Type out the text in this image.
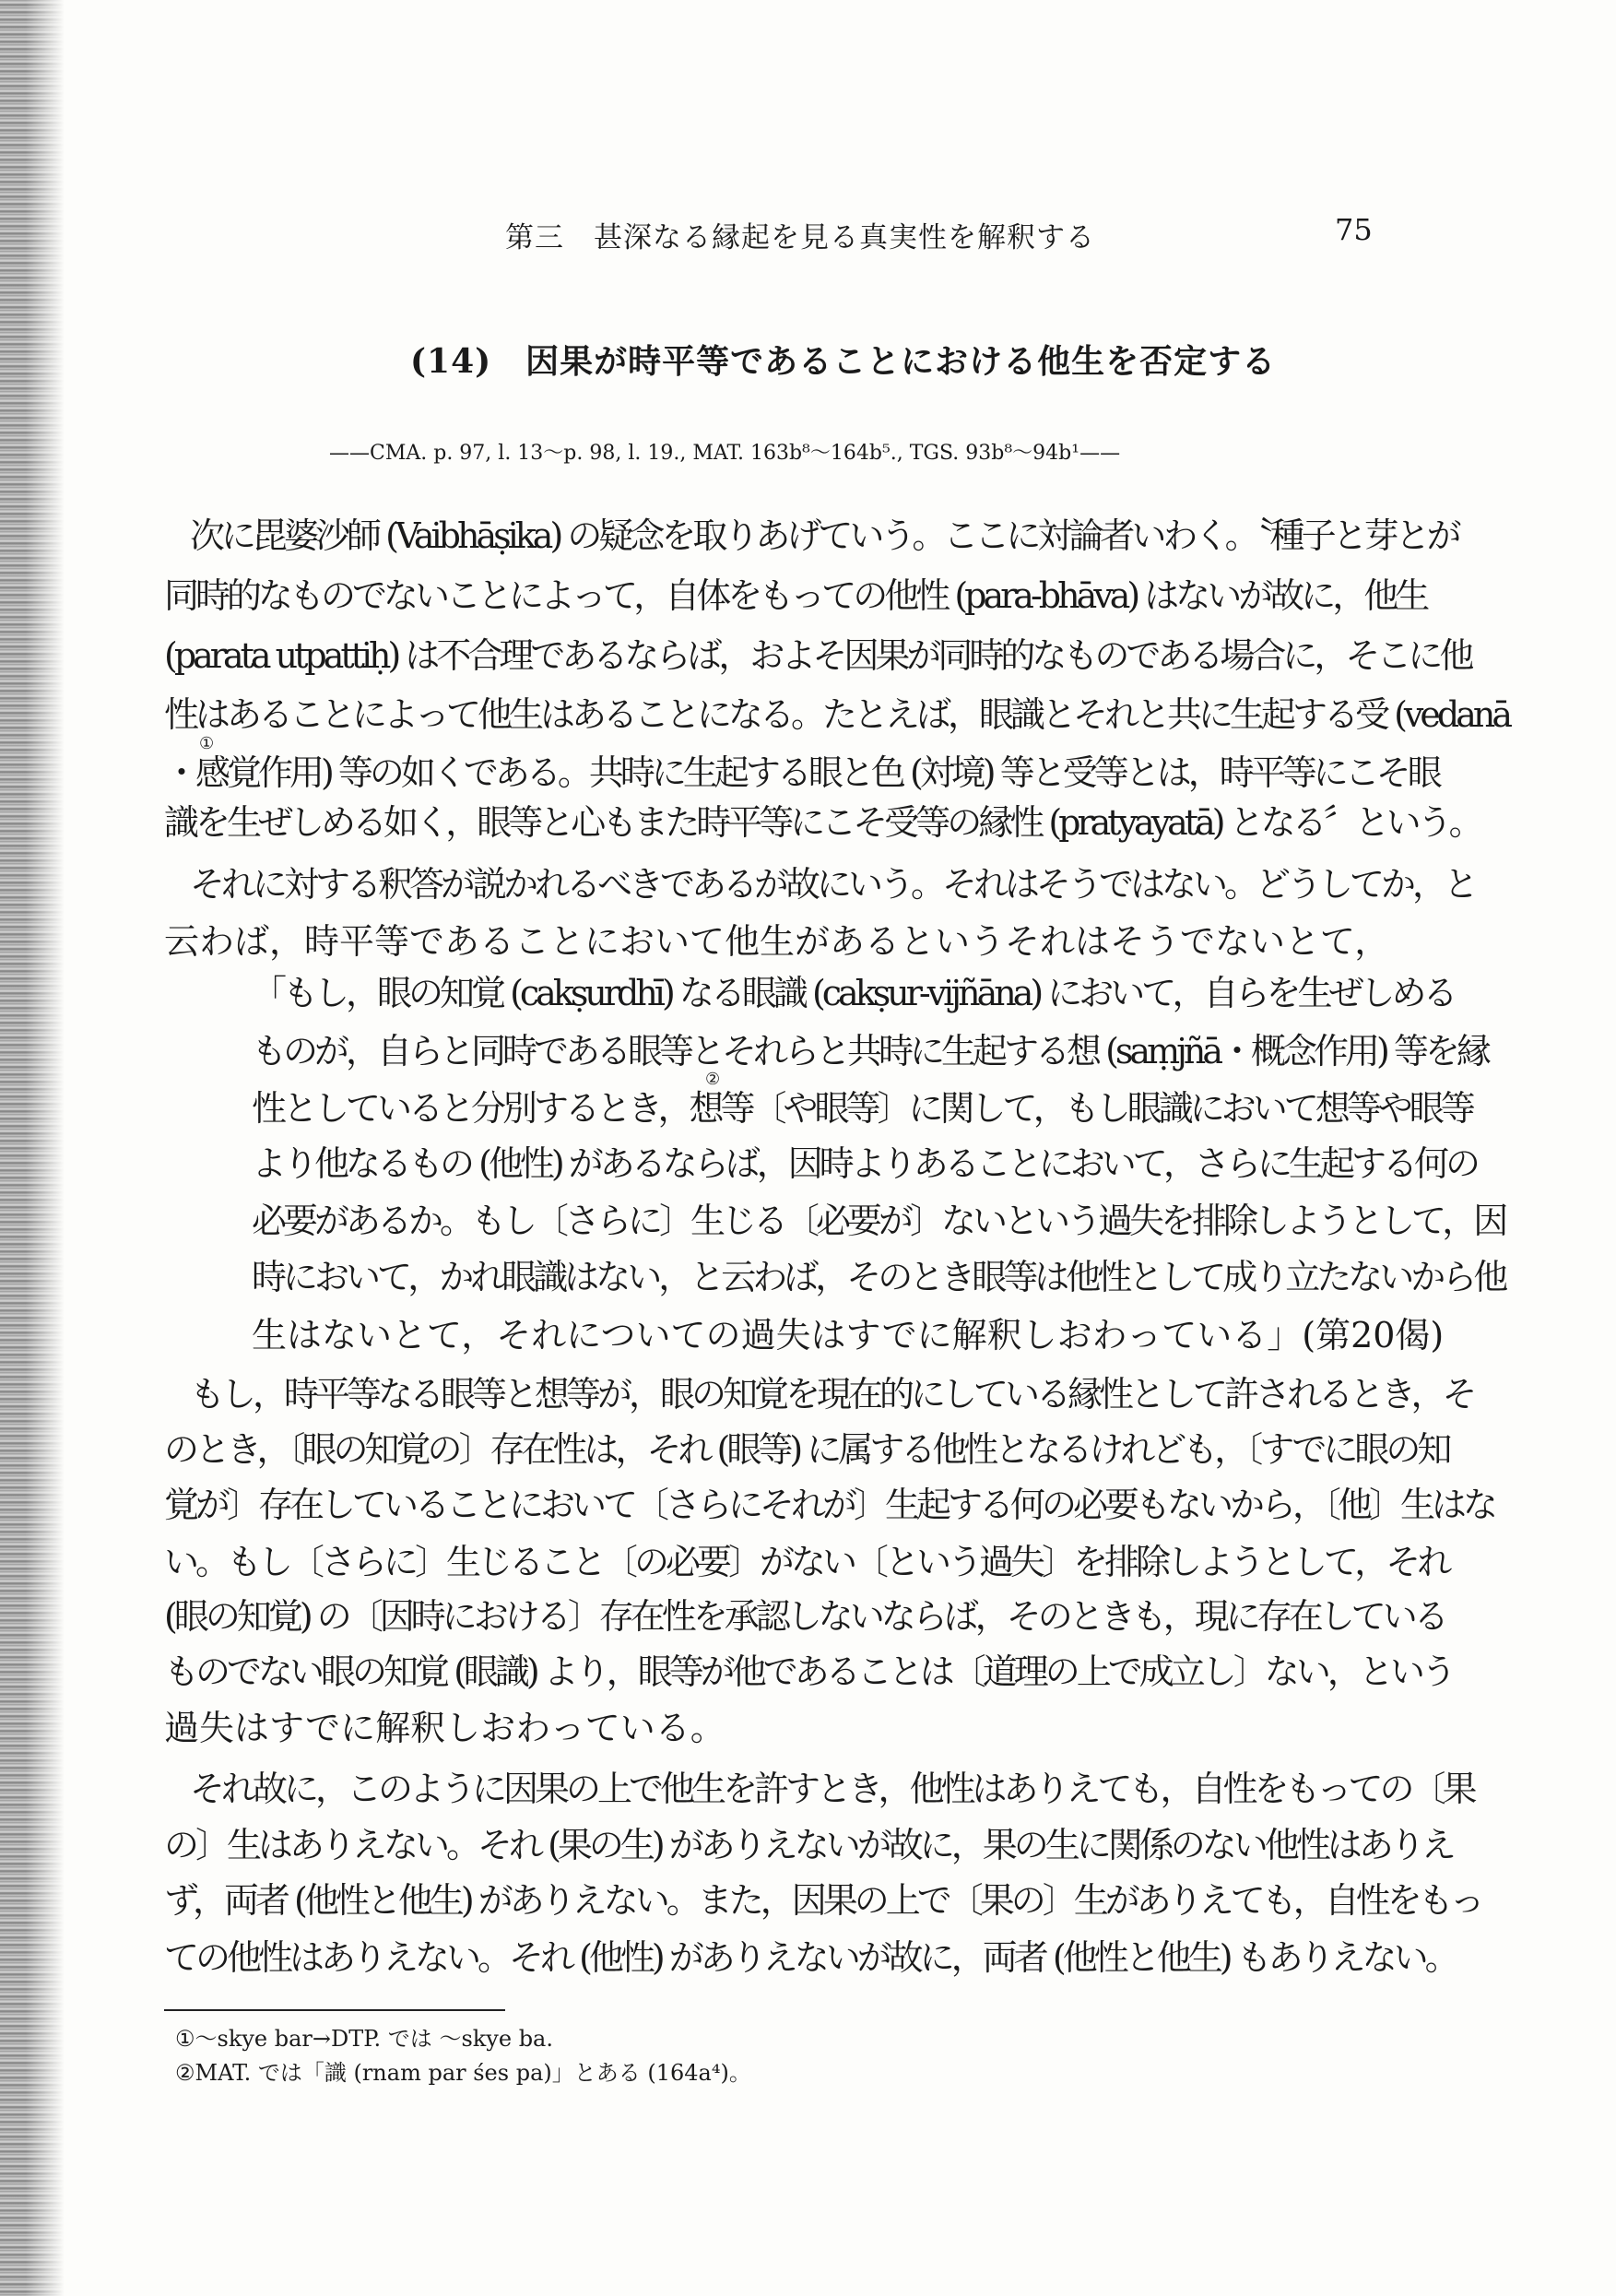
第三　甚深なる縁起を見る真実性を解釈する	75
(14)　因果が時平等であることにおける他生を否定する
——CMA. p. 97, l. 13～p. 98, l. 19., MAT. 163b⁸～164b⁵., TGS. 93b⁸～94b¹——
次に毘婆沙師 (Vaibhāṣika) の疑念を取りあげていう。ここに対論者いわく。〝種子と芽とが
同時的なものでないことによって，自体をもっての他性 (para-bhāva) はないが故に，他生
(parata utpattiḥ) は不合理であるならば，およそ因果が同時的なものである場合に，そこに他
性はあることによって他生はあることになる。たとえば，眼識とそれと共に生起する受 (vedanā
①
・感覚作用) 等の如くである。共時に生起する眼と色 (対境) 等と受等とは，時平等にこそ眼
識を生ぜしめる如く，眼等と心もまた時平等にこそ受等の縁性 (pratyayatā) となる〞という。
それに対する釈答が説かれるべきであるが故にいう。それはそうではない。どうしてか，と
云わば，時平等であることにおいて他生があるというそれはそうでないとて，
「もし，眼の知覚 (cakṣurdhī) なる眼識 (cakṣur-vijñāna) において，自らを生ぜしめる
ものが，自らと同時である眼等とそれらと共時に生起する想 (saṃjñā・概念作用) 等を縁
②
性としていると分別するとき，想等〔や眼等〕に関して，もし眼識において想等や眼等
より他なるもの (他性) があるならば，因時よりあることにおいて，さらに生起する何の
必要があるか。もし〔さらに〕生じる〔必要が〕ないという過失を排除しようとして，因
時において，かれ眼識はない，と云わば，そのとき眼等は他性として成り立たないから他
生はないとて，それについての過失はすでに解釈しおわっている」(第20偈)
もし，時平等なる眼等と想等が，眼の知覚を現在的にしている縁性として許されるとき，そ
のとき，〔眼の知覚の〕存在性は，それ (眼等) に属する他性となるけれども，〔すでに眼の知
覚が〕存在していることにおいて〔さらにそれが〕生起する何の必要もないから，〔他〕生はな
い。もし〔さらに〕生じること〔の必要〕がない〔という過失〕を排除しようとして，それ
(眼の知覚) の〔因時における〕存在性を承認しないならば，そのときも，現に存在している
ものでない眼の知覚 (眼識) より，眼等が他であることは〔道理の上で成立し〕ない，という
過失はすでに解釈しおわっている。
それ故に，このように因果の上で他生を許すとき，他性はありえても，自性をもっての〔果
の〕生はありえない。それ (果の生) がありえないが故に，果の生に関係のない他性はありえ
ず，両者 (他性と他生) がありえない。また，因果の上で〔果の〕生がありえても，自性をもっ
ての他性はありえない。それ (他性) がありえないが故に，両者 (他性と他生) もありえない。
①～skye bar→DTP. では ～skye ba.
②MAT. では「識 (rnam par śes pa)」とある (164a⁴)。
